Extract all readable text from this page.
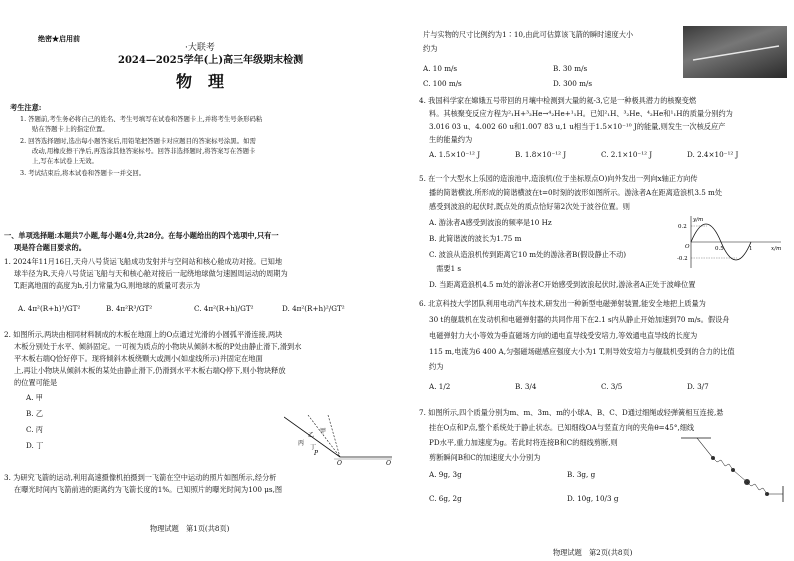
绝密★启用前
·大联考
2024—2025学年(上)高三年级期末检测
物　理
考生注意:
1. 答题前,考生务必将自己的姓名、考生号填写在试卷和答题卡上,并将考生号条形码粘
贴在答题卡上的指定位置。
2. 回答选择题时,选出每小题答案后,用铅笔把答题卡对应题目的答案标号涂黑。如需
改动,用橡皮擦干净后,再选涂其他答案标号。回答非选择题时,将答案写在答题卡
上,写在本试卷上无效。
3. 考试结束后,将本试卷和答题卡一并交回。
一、单项选择题:本题共7小题,每小题4分,共28分。在每小题给出的四个选项中,只有一
项是符合题目要求的。
1. 2024年11月16日,天舟八号货运飞船成功发射并与空间站和核心舱成功对接。已知地
球半径为R,天舟八号货运飞船与天和核心舱对接后一起绕地球做匀速圆周运动的周期为
T,距离地面的高度为h,引力常量为G,则地球的质量可表示为
A. 4π²(R+h)³/GT²	B. 4π²R³/GT²	C. 4π²(R+h)/GT²	D. 4π²(R+h)²/GT²
2. 如图所示,两块由相同材料制成的木板在地面上的O点通过光滑的小圆弧平滑连接,两块
木板分别处于水平、倾斜固定。一可视为质点的小物块从倾斜木板的P处由静止滑下,滑到水
平木板右端Q恰好停下。现将倾斜木板绕颗大或测小(如虚线所示)并固定在地面
上,再让小物块从倾斜木板的某处由静止滑下,仍滑到水平木板右端Q停下,则小物块释放
的位置可能是
A. 甲
B. 乙
C. 丙
D. 丁
乙
甲
丙
丁
P
O	Q
3. 为研究飞箭的运动,利用高速摄像机拍摄到一飞箭在空中运动的照片如图所示,经分析
在曝光时间内飞箭前进的距离约为飞箭长度的1%。已知照片的曝光时间为100 μs,图
物理试题　第1页(共8页)
片与实物的尺寸比例约为1∶10,由此可估算该飞箭的瞬时速度大小
约为
A. 10 m/s	B. 30 m/s
C. 100 m/s	D. 300 m/s
4. 我国科学家在嫦娥五号带回的月壤中检测到大量的氦-3,它是一种极具潜力的核聚变燃
料。其核聚变反应方程为²₁H+³₂He→⁴₂He+¹₁H。已知²₁H、³₂He、⁴₂He和¹₁H的质量分别约为
3.016 03 u、4.002 60 u和1.007 83 u,1 u相当于1.5×10⁻¹⁰ J的能量,则发生一次核反应产
生的能量约为
A. 1.5×10⁻¹² J	B. 1.8×10⁻¹² J	C. 2.1×10⁻¹² J	D. 2.4×10⁻¹² J
5. 在一个大型水上乐园的造浪池中,造浪机(位于坐标原点O)向外发出一列向x轴正方向传
播的简谐横波,所形成的简谐横波在t=0时刻的波形如图所示。游泳者A在距离造浪机3.5 m处
感受到波浪的起伏时,既点处的质点恰好第2次处于波谷位置。则
A. 游泳者A感受到波浪的频率是10 Hz
B. 此简谐波的波长为1.75 m
C. 波浪从造浪机传到距离它10 m处的游泳者B(假设静止不动)
　需要1 s
D. 当距离造浪机4.5 m处的游泳者C开始感受到波浪起伏时,游泳者A正处于波峰位置
y/m
x/m
0.2
-0.2
O	0.5	1
6. 北京科技大学团队利用电动汽车技术,研发出一种新型电磁弹射装置,能安全地把上质量为
30 t的舰载机在发动机和电磁弹射器的共同作用下在2.1 s内从静止开始加速到70 m/s。假设舟
电磁弹射力大小等效为垂直磁场方向的通电直导线受安培力,等效通电直导线的长度为
115 m,电流为6 400 A,匀强磁场磁感应强度大小为1 T,则导效安培力与舰载机受到的合力的比值
约为
A. 1/2	B. 3/4	C. 3/5	D. 3/7
7. 如图所示,四个质量分别为m、m、3m、m的小球A、B、C、D通过细绳或轻弹簧相互连接,悬
挂在O点和P点,整个系统处于静止状态。已知细线OA与竖直方向的夹角θ=45°,细线
PD水平,重力加速度为g。若此时将连接B和C的细线剪断,则
剪断瞬间B和C的加速度大小分别为
A. 9g, 3g	B. 3g, g
C. 6g, 2g	D. 10g, 10/3 g
物理试题　第2页(共8页)
